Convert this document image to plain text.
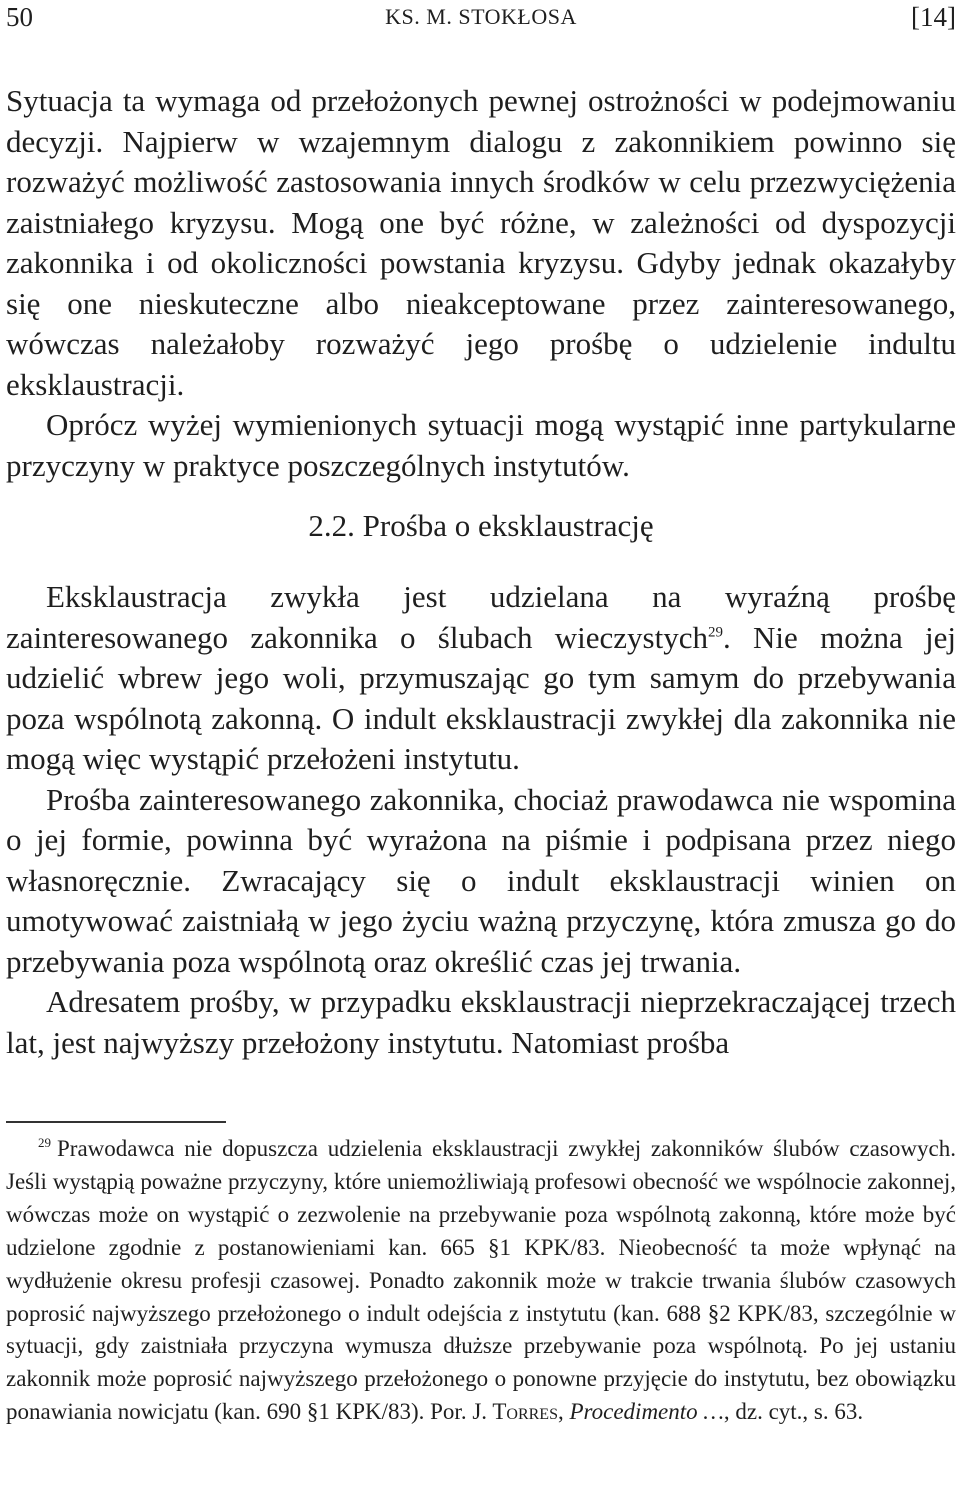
50	KS. M. STOKŁOSA	[14]

Sytuacja ta wymaga od przełożonych pewnej ostrożności w podejmowaniu decyzji. Najpierw w wzajemnym dialogu z zakonnikiem powinno się rozważyć możliwość zastosowania innych środków w celu przezwyciężenia zaistniałego kryzysu. Mogą one być różne, w zależności od dyspozycji zakonnika i od okoliczności powstania kryzysu. Gdyby jednak okazałyby się one nieskuteczne albo nieakceptowane przez zainteresowanego, wówczas należałoby rozważyć jego prośbę o udzielenie indultu eksklaustracji.

Oprócz wyżej wymienionych sytuacji mogą wystąpić inne partykularne przyczyny w praktyce poszczególnych instytutów.

2.2. Prośba o eksklaustrację

Eksklaustracja zwykła jest udzielana na wyraźną prośbę zainteresowanego zakonnika o ślubach wieczystych$^{29}$. Nie można jej udzielić wbrew jego woli, przymuszając go tym samym do przebywania poza wspólnotą zakonną. O indult eksklaustracji zwykłej dla zakonnika nie mogą więc wystąpić przełożeni instytutu.

Prośba zainteresowanego zakonnika, chociaż prawodawca nie wspomina o jej formie, powinna być wyrażona na piśmie i podpisana przez niego własnoręcznie. Zwracający się o indult eksklaustracji winien on umotywować zaistniałą w jego życiu ważną przyczynę, która zmusza go do przebywania poza wspólnotą oraz określić czas jej trwania.

Adresatem prośby, w przypadku eksklaustracji nieprzekraczającej trzech lat, jest najwyższy przełożony instytutu. Natomiast prośba

$^{29}$ Prawodawca nie dopuszcza udzielenia eksklaustracji zwykłej zakonników ślubów czasowych. Jeśli wystąpią poważne przyczyny, które uniemożliwiają profesowi obecność we wspólnocie zakonnej, wówczas może on wystąpić o zezwolenie na przebywanie poza wspólnotą zakonną, które może być udzielone zgodnie z postanowieniami kan. 665 §1 KPK/83. Nieobecność ta może wpłynąć na wydłużenie okresu profesji czasowej. Ponadto zakonnik może w trakcie trwania ślubów czasowych poprosić najwyższego przełożonego o indult odejścia z instytutu (kan. 688 §2 KPK/83, szczególnie w sytuacji, gdy zaistniała przyczyna wymusza dłuższe przebywanie poza wspólnotą. Po jej ustaniu zakonnik może poprosić najwyższego przełożonego o ponowne przyjęcie do instytutu, bez obowiązku ponawiania nowicjatu (kan. 690 §1 KPK/83). Por. J. Torres, Procedimento …, dz. cyt., s. 63.
